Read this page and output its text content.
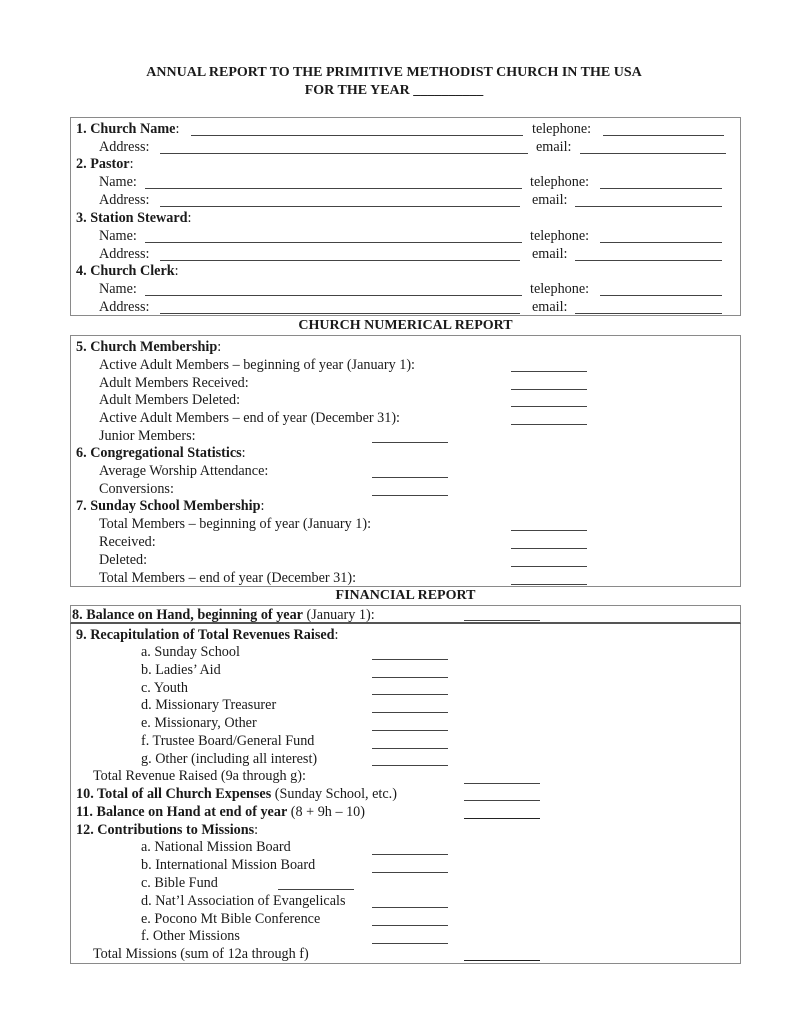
ANNUAL REPORT TO THE PRIMITIVE METHODIST CHURCH IN THE USA
FOR THE YEAR __________
1. Church Name:	telephone:
Address:	email:
2. Pastor:
Name:	telephone:
Address:	email:
3. Station Steward:
Name:	telephone:
Address:	email:
4. Church Clerk:
Name:	telephone:
Address:	email:
CHURCH NUMERICAL REPORT
5. Church Membership:
Active Adult Members – beginning of year (January 1):
Adult Members Received:
Adult Members Deleted:
Active Adult Members – end of year (December 31):
Junior Members:
6. Congregational Statistics:
Average Worship Attendance:
Conversions:
7. Sunday School Membership:
Total Members – beginning of year (January 1):
Received:
Deleted:
Total Members – end of year (December 31):
FINANCIAL REPORT
8. Balance on Hand, beginning of year (January 1):
9. Recapitulation of Total Revenues Raised:
a. Sunday School
b. Ladies’ Aid
c. Youth
d. Missionary Treasurer
e. Missionary, Other
f. Trustee Board/General Fund
g. Other (including all interest)
Total Revenue Raised (9a through g):
10. Total of all Church Expenses (Sunday School, etc.)
11. Balance on Hand at end of year (8 + 9h – 10)
12. Contributions to Missions:
a. National Mission Board
b. International Mission Board
c. Bible Fund
d. Nat’l Association of Evangelicals
e. Pocono Mt Bible Conference
f. Other Missions
Total Missions (sum of 12a through f)
